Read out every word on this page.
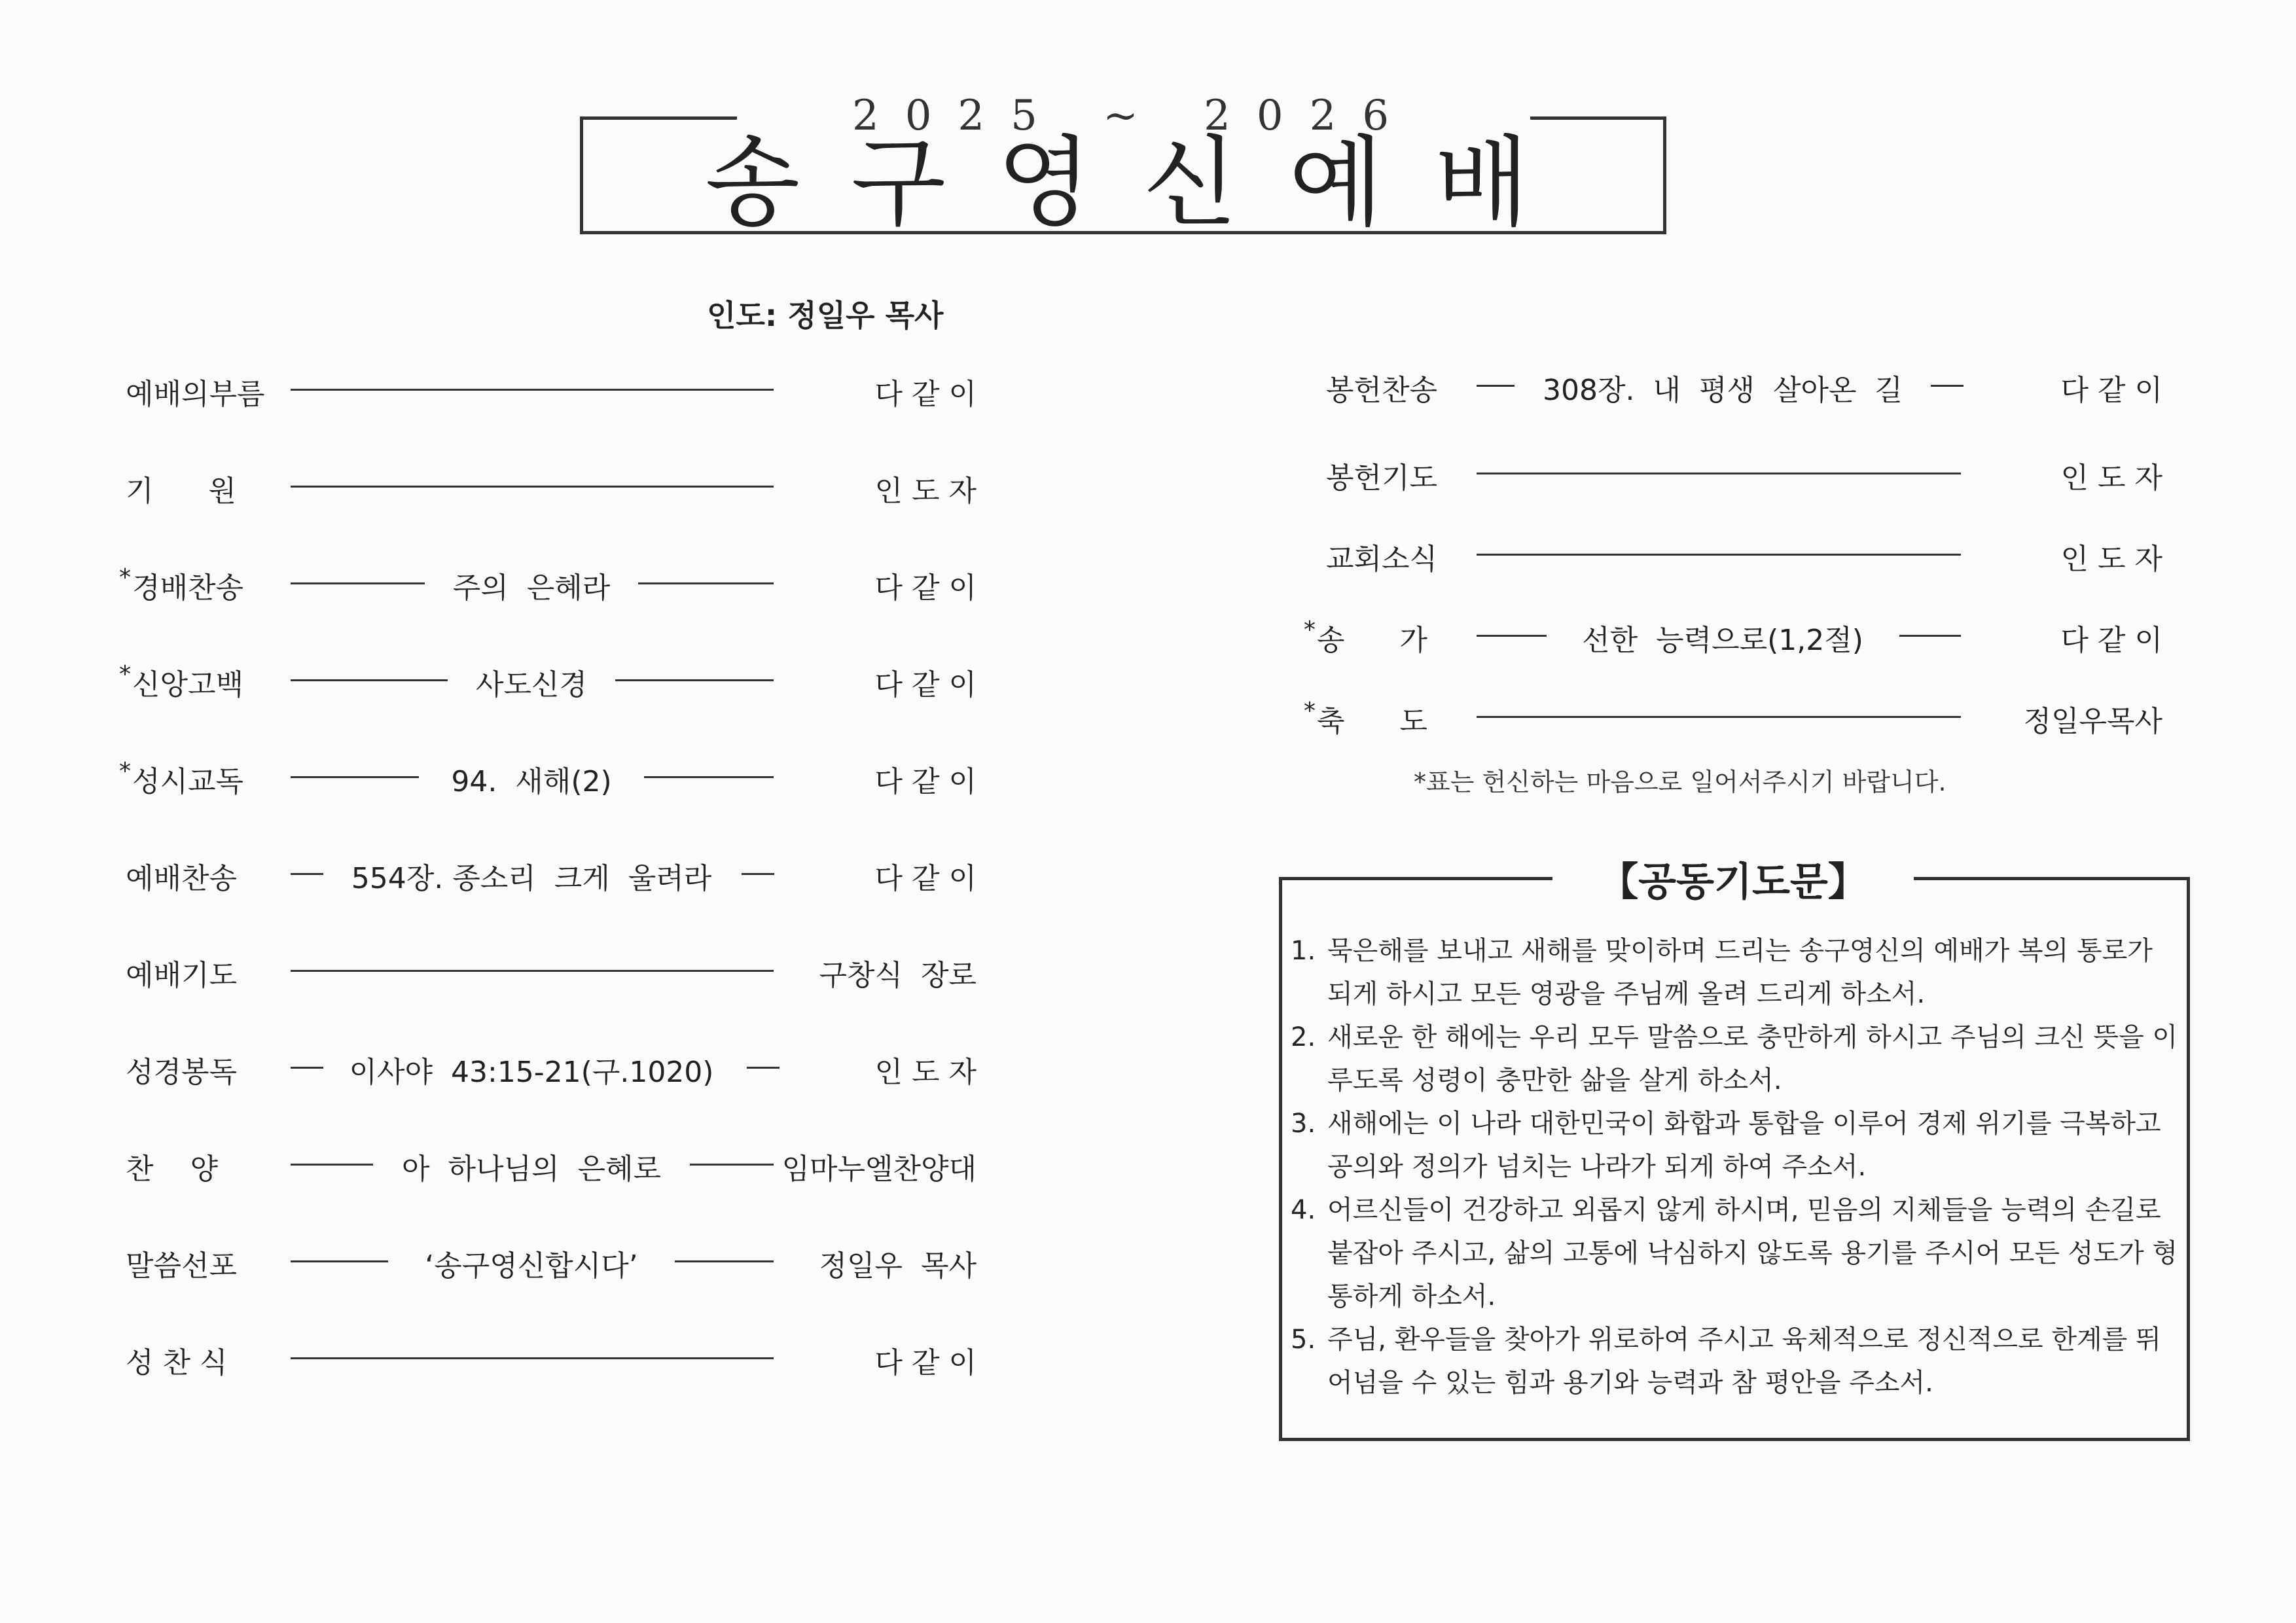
2025 ~ 2026
송구영신예배
인도: 정일우 목사
예배의부름	다 같 이
기      원	인 도 자
*경배찬송	주의  은혜라	다 같 이
*신앙고백	사도신경	다 같 이
*성시교독	94.  새해(2)	다 같 이
예배찬송	554장. 종소리  크게  울려라	다 같 이
예배기도	구창식  장로
성경봉독	이사야  43:15-21(구.1020)	인 도 자
찬    양	아  하나님의  은혜로	임마누엘찬양대
말씀선포	‘송구영신합시다’	정일우  목사
성 찬 식	다 같 이
봉헌찬송	308장.  내  평생  살아온  길	다 같 이
봉헌기도	인 도 자
교회소식	인 도 자
*송      가	선한  능력으로(1,2절)	다 같 이
*축      도	정일우목사
*표는 헌신하는 마음으로 일어서주시기 바랍니다.
【공동기도문】
1. 묵은해를 보내고 새해를 맞이하며 드리는 송구영신의 예배가 복의 통로가 되게 하시고 모든 영광을 주님께 올려 드리게 하소서.
2. 새로운 한 해에는 우리 모두 말씀으로 충만하게 하시고 주님의 크신 뜻을 이루도록 성령이 충만한 삶을 살게 하소서.
3. 새해에는 이 나라 대한민국이 화합과 통합을 이루어 경제 위기를 극복하고 공의와 정의가 넘치는 나라가 되게 하여 주소서.
4. 어르신들이 건강하고 외롭지 않게 하시며, 믿음의 지체들을 능력의 손길로 붙잡아 주시고, 삶의 고통에 낙심하지 않도록 용기를 주시어 모든 성도가 형통하게 하소서.
5. 주님, 환우들을 찾아가 위로하여 주시고 육체적으로 정신적으로 한계를 뛰어넘을 수 있는 힘과 용기와 능력과 참 평안을 주소서.
